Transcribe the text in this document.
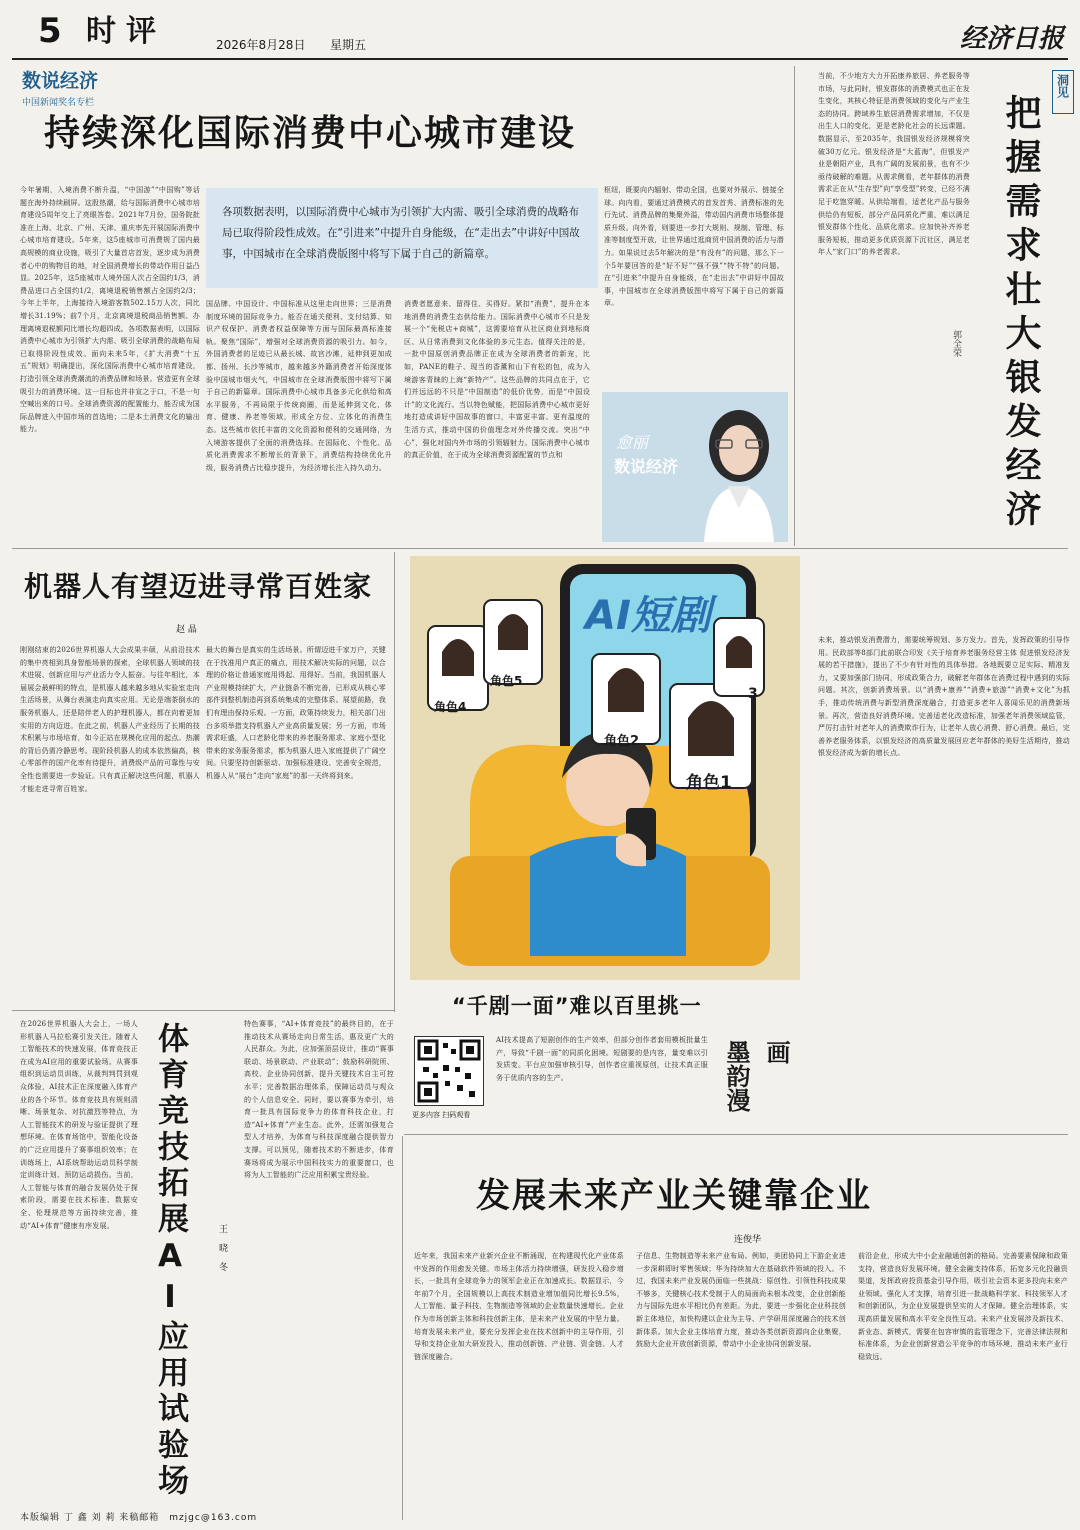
5 时评	2026年8月28日 星期五	经济日报
数说经济
中国新闻奖名专栏
持续深化国际消费中心城市建设
今年暑期，入境消费不断升温，“中国游”“中国购”等话题在海外持续刷屏。这股热潮，给与国际消费中心城市培育建设5周年交上了亮眼答卷。2021年7月份，国务院批准在上海、北京、广州、天津、重庆率先开展国际消费中心城市培育建设。5年来，这5座城市可消费规了国内最高规模的商业设施，吸引了大量首店首发，逐步成为消费者心中的购物目的地，对全国消费增长的带动作用日益凸显。2025年，这5座城市人境外国人次占全国约1/3，消费品进口占全国约1/2，离境退税销售额占全国约2/3；今年上半年，上海接待入境游客数502.15万人次，同比增长31.19%；前7个月，北京离境退税商品销售额、办理离境退税额同比增长均超四成。各项数据表明，以国际消费中心城市为引领扩大内需、吸引全球消费的战略布局已取得阶段性成效。面向未来5年，《扩大消费“十五五”规划》明确提出，深化国际消费中心城市培育建设，打造引领全球消费潮流的消费品牌和场景。营造更有全球吸引力的消费环境。这一目标也并非宣之于口，不是一句空喊出来的口号。全球消费资源的配置能力，能否成为国际品牌进入中国市场的首选地；二是本土消费文化的输出能力。
各项数据表明，以国际消费中心城市为引领扩大内需、吸引全球消费的战略布局已取得阶段性成效。在“引进来”中提升自身能级，在“走出去”中讲好中国故事，中国城市在全球消费版图中将写下属于自己的新篇章。
国品牌、中国设计、中国标准从这里走向世界；三是消费制度环境的国际竞争力。能否在通关便利、支付结算、知识产权保护、消费者权益保障等方面与国际最高标准接轨。聚焦“国际”，增强对全球消费资源的吸引力。如今，外国消费者的足迹已从最长城、故宫沙滩，延伸到更加成都、扬州、长沙等城市，越来越多外籍消费者开始深度体验中国城市烟火气，中国城市在全球消费版图中将写下属于自己的新篇章。国际消费中心城市具备多元化供给和高水平服务，不再局限于传统商圈，而是延伸到文化、体育、健康、养老等领域，形成全方位、立体化的消费生态。这些城市依托丰富的文化资源和便利的交通网络，为入境游客提供了全面的消费选择。在国际化、个性化、品质化消费需求不断增长的背景下，消费结构持续优化升级，服务消费占比稳步提升，为经济增长注入持久动力。
消费者愿意来、留得住、买得好。紧扣“消费”，提升在本地消费的消费生态供给能力。国际消费中心城市不只是发展一个“免税店+商城”，这需要培育从社区商业到地标商区、从日常消费到文化体验的多元生态。值得关注的是，一批中国原创消费品牌正在成为全球消费者的新宠，比如，PANE的鞋子、现当的香薰和山下有松的包，成为入境游客青睐的上海“新特产”。这些品牌的共同点在于，它们并远远的不只是“中国制造”的低价优势，而是“中国设计”的文化流行。当以特色赋能，把国际消费中心城市更好地打造成讲好中国故事的窗口，丰富更丰富、更有温度的生活方式，推动中国的价值理念对外传播交流。突出“中心”，强化对国内外市场的引领辐射力。国际消费中心城市的真正价值，在于成为全球消费资源配置的节点和
枢纽，既要向内辐射、带动全国，也要对外展示、链接全球。向内看，要通过消费模式的首发首秀、消费标准的先行先试、消费品牌的集聚外溢，带动国内消费市场整体提质升级。向外看，则要进一步打大规则、规制、管理、标准等制度型开放，让世界通过逛商贸中国消费的活力与潜力。如果说过去5年解决的是“有没有”的问题，那么下一个5年要回答的是“好不好”“强不强”“特不特”的问题。在“引进来”中提升自身能级，在“走出去”中讲好中国故事，中国城市在全球消费版图中将写下属于自己的新篇章。
愈丽
数说经济
当前，不少地方大力开拓康养旅居、养老服务等市场，与此同时，银发群体的消费模式也正在发生变化，其核心特征是消费领域的变化与产业生态的协同。跨域养生旅居消费需求增加，不仅是出生人口的变化，更是老龄化社会的长远课题。数据显示，至2035年，我国银发经济规模将突破30万亿元。银发经济是“大蓝海”，但银发产业是朝阳产业，具有广阔的发展前景，也有不少亟待破解的难题。从需求侧看，老年群体的消费需求正在从“生存型”向“享受型”转变，已经不满足于吃饱穿暖。从供给端看，适老化产品与服务供给仍有短板，部分产品同质化严重，难以满足银发群体个性化、品质化需求。应加快补齐养老服务短板，推动更多优质资源下沉社区，满足老年人“家门口”的养老需求。
洞见
把握需求壮大银发经济
郭全荣
未来，推动银发消费潜力，需要统筹规划、多方发力。首先，发挥政策的引导作用。民政部等8部门此前联合印发《关于培育养老服务经营主体 促进银发经济发展的若干措施》，提出了不少有针对性的具体举措。各地既要立足实际、精准发力，又要加强部门协同，形成政策合力，破解老年群体在消费过程中遇到的实际问题。其次，创新消费场景。以“消费+康养”“消费+旅游”“消费+文化”为抓手，推动传统消费与新型消费深度融合，打造更多老年人喜闻乐见的消费新场景。再次，营造良好消费环境。完善适老化改造标准，加强老年消费领域监管，严厉打击针对老年人的消费欺诈行为，让老年人放心消费、舒心消费。最后，完善养老服务体系，以银发经济的高质量发展回应老年群体的美好生活期待，推动银发经济成为新的增长点。
机器人有望迈进寻常百姓家
赵 晶
刚刚结束的2026世界机器人大会成果丰硕，从前沿技术的集中亮相到具身智能场景的探索，全球机器人领域的技术进展、创新应用与产业活力令人振奋。与往年相比，本届展会最鲜明的特点，是机器人越来越多地从实验室走向生活场景，从舞台表演走向真实应用。无论是端茶倒水的服务机器人，还是陪伴老人的护理机器人，都在向着更加实用的方向迈进。在此之前，机器人产业经历了长期的技术积累与市场培育，如今正站在规模化应用的起点。热潮的背后仍需冷静思考。现阶段机器人的成本依然偏高，核心零部件的国产化率有待提升，消费级产品的可靠性与安全性也需要进一步验证。只有真正解决这些问题，机器人才能走进寻常百姓家。
最大的舞台是真实的生活场景。所谓迈进千家万户，关键在于找准用户真正的痛点，用技术解决实际的问题，以合理的价格让普通家庭用得起、用得好。当前，我国机器人产业规模持续扩大，产业链条不断完善，已形成从核心零部件到整机制造再到系统集成的完整体系。展望前路，我们有理由保持乐观。一方面，政策持续发力，相关部门出台多项举措支持机器人产业高质量发展；另一方面，市场需求旺盛，人口老龄化带来的养老服务需求、家庭小型化带来的家务服务需求，都为机器人进入家庭提供了广阔空间。只要坚持创新驱动、加强标准建设、完善安全规范，机器人从“展台”走向“家庭”的那一天终将到来。
AI短剧
角色5
角色4
角色2
3
角色1
“千剧一面”难以百里挑一
更多内容 扫码观看
AI技术提高了短剧创作的生产效率，但部分创作者套用模板批量生产，导致“千剧一面”的同质化困境。短剧要的是内容，量变难以引发质变。平台应加强审核引导，创作者应重视原创，让技术真正服务于优质内容的生产。	墨韵漫画
在2026世界机器人大会上，一场人形机器人马拉松赛引发关注。随着人工智能技术的快速发展，体育竞技正在成为AI应用的重要试验场。从赛事组织到运动员训练，从裁判判罚到观众体验，AI技术正在深度融入体育产业的各个环节。体育竞技具有规则清晰、场景复杂、对抗激烈等特点，为人工智能技术的研发与验证提供了理想环境。在体育场馆中，智能化设备的广泛应用提升了赛事组织效率；在训练场上，AI系统帮助运动员科学制定训练计划、预防运动损伤。当前，人工智能与体育的融合发展仍处于探索阶段，需要在技术标准、数据安全、伦理规范等方面持续完善，推动“AI+体育”健康有序发展。	体育竞技拓展AI应用试验场	王 晓 冬
特色赛事，“AI+体育竞技”的最终目的，在于推动技术从赛场走向日常生活，惠及更广大的人民群众。为此，应加强顶层设计，推动“赛事联动、场景联动、产业联动”；鼓励科研院所、高校、企业协同创新，提升关键技术自主可控水平；完善数据治理体系，保障运动员与观众的个人信息安全。同时，要以赛事为牵引，培育一批具有国际竞争力的体育科技企业，打造“AI+体育”产业生态。此外，还需加强复合型人才培养，为体育与科技深度融合提供智力支撑。可以预见，随着技术的不断进步，体育赛场将成为展示中国科技实力的重要窗口，也将为人工智能的广泛应用积累宝贵经验。
发展未来产业关键靠企业
连俊华
近年来，我国未来产业新兴企业不断涌现，在构建现代化产业体系中发挥的作用愈发关键。市场主体活力持续增强，研发投入稳步增长，一批具有全球竞争力的领军企业正在加速成长。数据显示，今年前7个月，全国规模以上高技术制造业增加值同比增长9.5%，人工智能、量子科技、生物制造等领域的企业数量快速增长。企业作为市场创新主体和科技创新主体，是未来产业发展的中坚力量。培育发展未来产业，要充分发挥企业在技术创新中的主导作用，引导和支持企业加大研发投入，推动创新链、产业链、资金链、人才链深度融合。
子信息、生物制造等未来产业布局。例如，美团协同上下游企业进一步深耕即时零售领域；华为持续加大在基础软件领域的投入。不过，我国未来产业发展仍面临一些挑战：原创性、引领性科技成果不够多，关键核心技术受制于人的局面尚未根本改变，企业创新能力与国际先进水平相比仍有差距。为此，要进一步强化企业科技创新主体地位，加快构建以企业为主导、产学研用深度融合的技术创新体系。加大企业主体培育力度，推动各类创新资源向企业集聚，鼓励大企业开放创新资源，带动中小企业协同创新发展。
前沿企业，形成大中小企业融通创新的格局。完善要素保障和政策支持，营造良好发展环境。健全金融支持体系，拓宽多元化投融资渠道，发挥政府投资基金引导作用，吸引社会资本更多投向未来产业领域。强化人才支撑，培育引进一批战略科学家、科技领军人才和创新团队，为企业发展提供坚实的人才保障。健全治理体系，实现高质量发展和高水平安全良性互动。未来产业发展涉及新技术、新业态、新模式，需要在包容审慎的监管理念下，完善法律法规和标准体系，为企业创新营造公平竞争的市场环境，推动未来产业行稳致远。
本版编辑 丁 鑫 刘 莉 来稿邮箱 mzjgc@163.com
